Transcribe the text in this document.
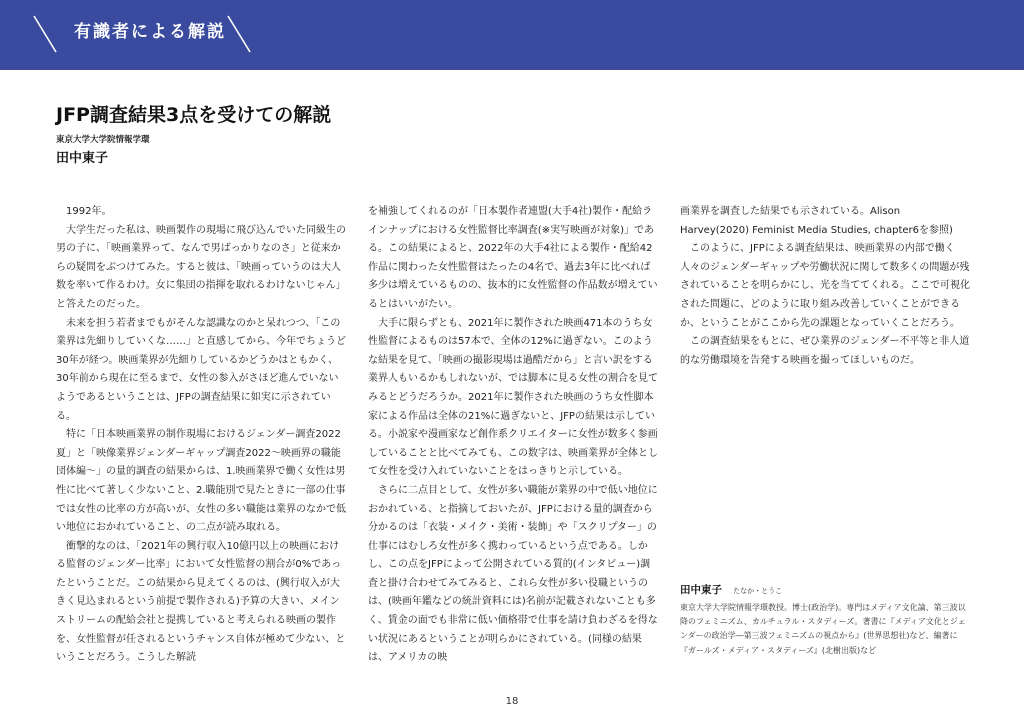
有識者による解説
JFP調査結果3点を受けての解説
東京大学大学院情報学環
田中東子

1992年。

大学生だった私は、映画製作の現場に飛び込んでいた同級生の男の子に、「映画業界って、なんで男ばっかりなのさ」と従来からの疑問をぶつけてみた。すると彼は、「映画っていうのは大人数を率いて作るわけ。女に集団の指揮を取れるわけないじゃん」と答えたのだった。

未来を担う若者までもがそんな認識なのかと呆れつつ、「この業界は先細りしていくな……」と直感してから、今年でちょうど30年が経つ。映画業界が先細りしているかどうかはともかく、30年前から現在に至るまで、女性の参入がさほど進んでいないようであるということは、JFPの調査結果に如実に示されている。

特に「日本映画業界の制作現場におけるジェンダー調査2022夏」と「映像業界ジェンダーギャップ調査2022〜映画界の職能団体編〜」の量的調査の結果からは、1.映画業界で働く女性は男性に比べて著しく少ないこと、2.職能別で見たときに一部の仕事では女性の比率の方が高いが、女性の多い職能は業界のなかで低い地位におかれていること、の二点が読み取れる。

衝撃的なのは、「2021年の興行収入10億円以上の映画における監督のジェンダー比率」において女性監督の割合が0%であったということだ。この結果から見えてくるのは、(興行収入が大きく見込まれるという前提で製作される)予算の大きい、メインストリームの配給会社と提携していると考えられる映画の製作を、女性監督が任されるというチャンス自体が極めて少ない、ということだろう。こうした解読

を補強してくれるのが「日本製作者連盟(大手4社)製作・配給ラインナップにおける女性監督比率調査(※実写映画が対象)」である。この結果によると、2022年の大手4社による製作・配給42作品に関わった女性監督はたったの4名で、過去3年に比べれば多少は増えているものの、抜本的に女性監督の作品数が増えているとはいいがたい。

大手に限らずとも、2021年に製作された映画471本のうち女性監督によるものは57本で、全体の12%に過ぎない。このような結果を見て、「映画の撮影現場は過酷だから」と言い訳をする業界人もいるかもしれないが、では脚本に見る女性の割合を見てみるとどうだろうか。2021年に製作された映画のうち女性脚本家による作品は全体の21%に過ぎないと、JFPの結果は示している。小説家や漫画家など創作系クリエイターに女性が数多く参画していることと比べてみても、この数字は、映画業界が全体として女性を受け入れていないことをはっきりと示している。

さらに二点目として、女性が多い職能が業界の中で低い地位におかれている、と指摘しておいたが、JFPにおける量的調査から分かるのは「衣装・メイク・美術・装飾」や「スクリプター」の仕事にはむしろ女性が多く携わっているという点である。しかし、この点をJFPによって公開されている質的(インタビュー)調査と掛け合わせてみてみると、これら女性が多い役職というのは、(映画年鑑などの統計資料には)名前が記載されないことも多く、賃金の面でも非常に低い価格帯で仕事を請け負わざるを得ない状況にあるということが明らかにされている。(同様の結果は、アメリカの映

画業界を調査した結果でも示されている。Alison Harvey(2020) Feminist Media Studies, chapter6を参照)

このように、JFPによる調査結果は、映画業界の内部で働く人々のジェンダーギャップや労働状況に関して数多くの問題が残されていることを明らかにし、光を当ててくれる。ここで可視化された問題に、どのように取り組み改善していくことができるか、ということがここから先の課題となっていくことだろう。

この調査結果をもとに、ぜひ業界のジェンダー不平等と非人道的な労働環境を告発する映画を撮ってほしいものだ。

田中東子 たなか・とうこ

東京大学大学院情報学環教授。博士(政治学)。専門はメディア文化論、第三波以降のフェミニズム、カルチュラル・スタディーズ。著書に『メディア文化とジェンダーの政治学―第三波フェミニズムの視点から』(世界思想社)など、編著に『ガールズ・メディア・スタディーズ』(北樹出版)など

18
